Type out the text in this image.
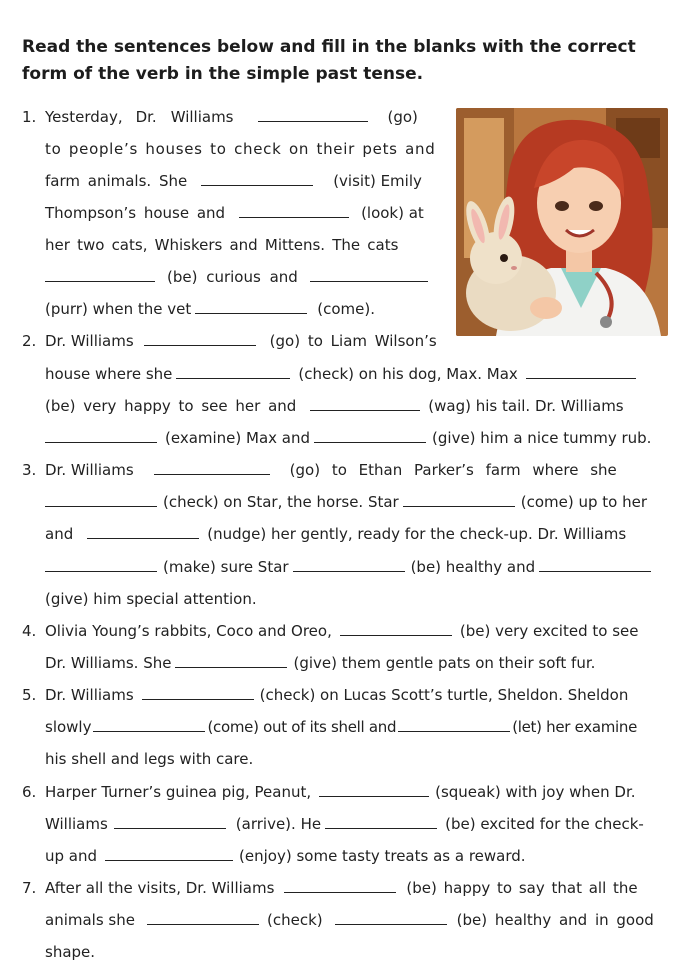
Read the sentences below and fill in the blanks with the correct form of the verb in the simple past tense.
1. Yesterday, Dr. Williams	(go)
to people’s houses to check on their pets and
farm animals. She	(visit) Emily
Thompson’s house and	(look) at
her two cats, Whiskers and Mittens. The cats
(be) curious and
(purr) when the vet	(come).
2. Dr. Williams	(go) to Liam Wilson’s
house where she	(check) on his dog, Max. Max
(be) very happy to see her and	(wag) his tail. Dr. Williams
(examine) Max and	(give) him a nice tummy rub.
3. Dr. Williams	(go) to Ethan Parker’s farm where she
(check) on Star, the horse. Star	(come) up to her
and	(nudge) her gently, ready for the check-up. Dr. Williams
(make) sure Star	(be) healthy and
(give) him special attention.
4. Olivia Young’s rabbits, Coco and Oreo,	(be) very excited to see
Dr. Williams. She	(give) them gentle pats on their soft fur.
5. Dr. Williams	(check) on Lucas Scott’s turtle, Sheldon. Sheldon
slowly	(come) out of its shell and	(let) her examine
his shell and legs with care.
6. Harper Turner’s guinea pig, Peanut,	(squeak) with joy when Dr.
Williams	(arrive). He	(be) excited for the check-
up and	(enjoy) some tasty treats as a reward.
7. After all the visits, Dr. Williams	(be) happy to say that all the
animals she	(check)	(be) healthy and in good
shape.
